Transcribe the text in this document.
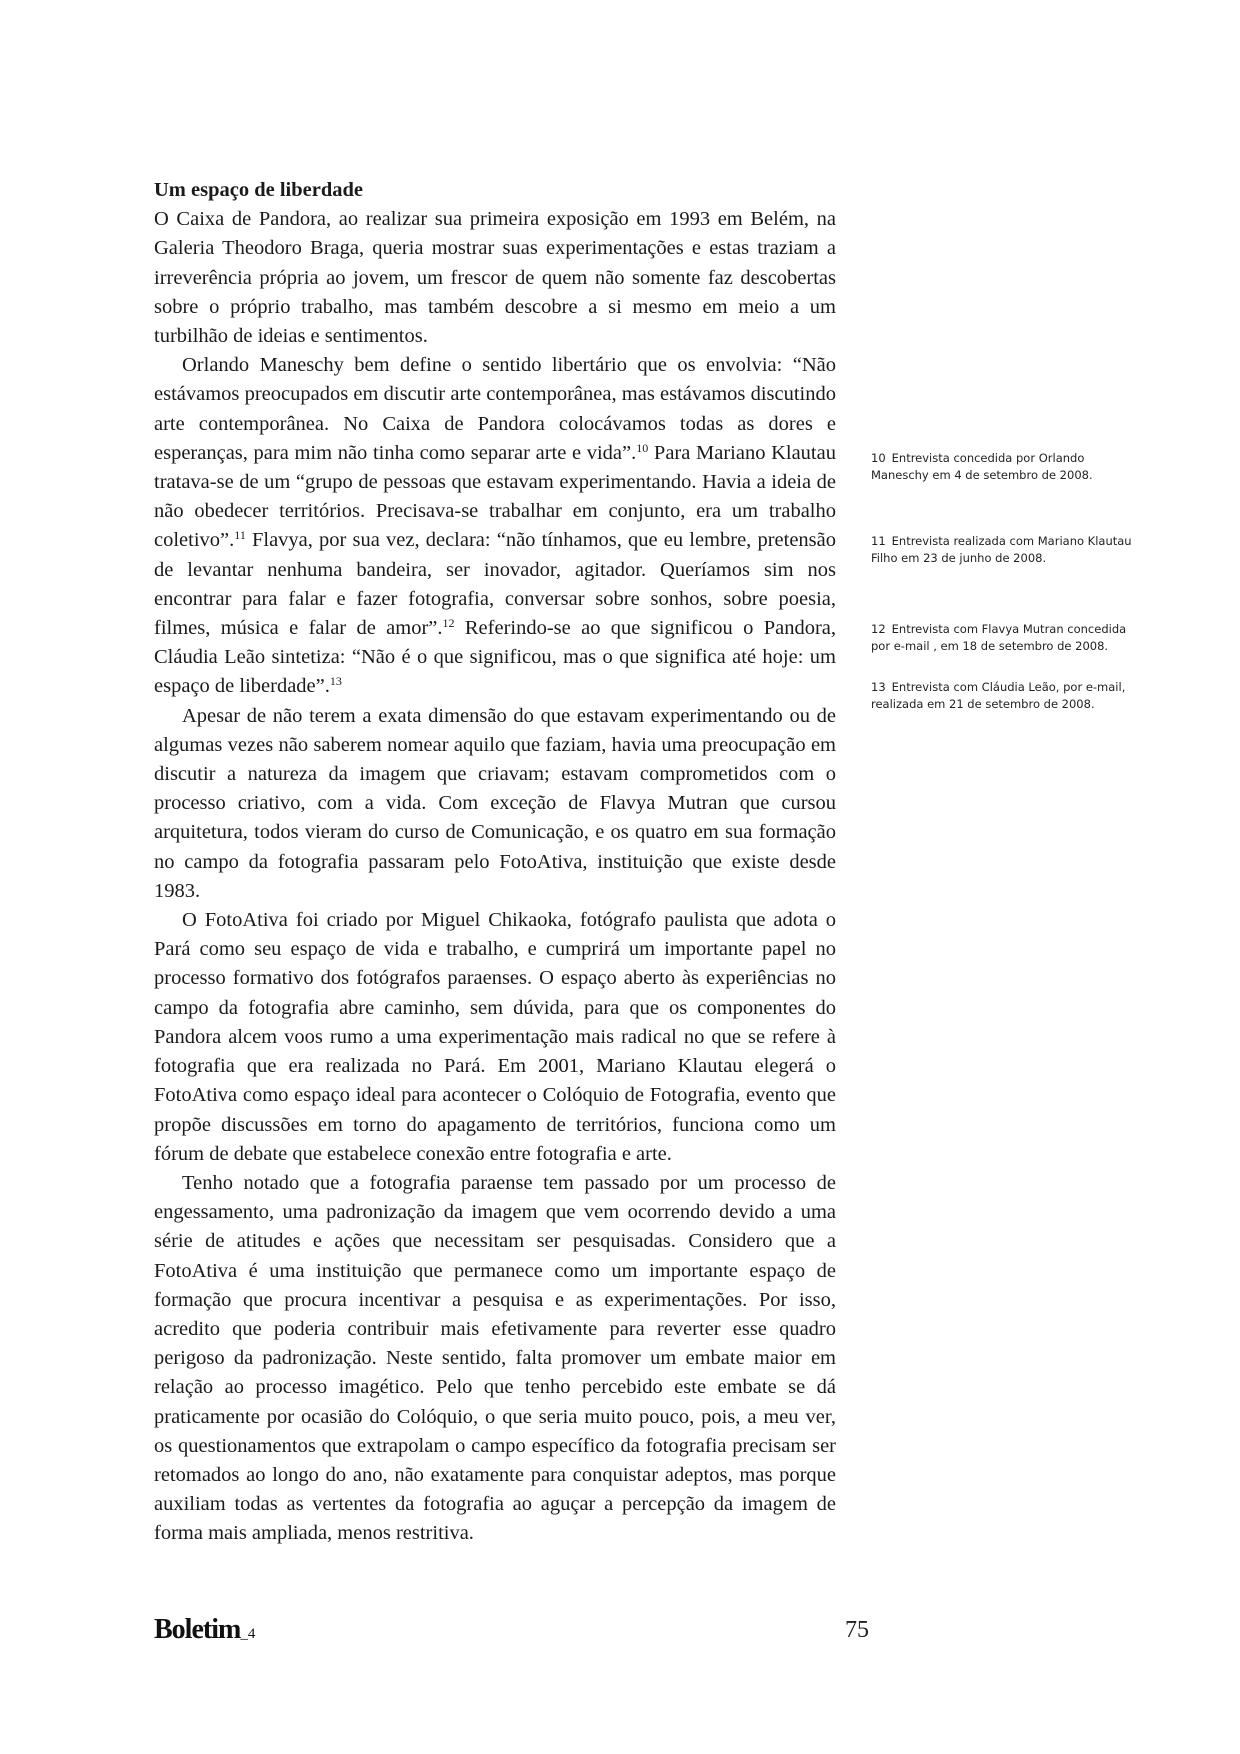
Um espaço de liberdade

O Caixa de Pandora, ao realizar sua primeira exposição em 1993 em Belém, na Galeria Theodoro Braga, queria mostrar suas experimentações e estas traziam a irreverência própria ao jovem, um frescor de quem não somente faz descobertas sobre o próprio trabalho, mas também descobre a si mesmo em meio a um turbilhão de ideias e sentimentos.

Orlando Maneschy bem define o sentido libertário que os envolvia: “Não estávamos preocupados em discutir arte contemporânea, mas estávamos discutindo arte contemporânea. No Caixa de Pandora colocávamos todas as dores e esperanças, para mim não tinha como separar arte e vida”.$^{10}$ Para Mariano Klautau tratava-se de um “grupo de pessoas que estavam experimentando. Havia a ideia de não obedecer territórios. Precisava-se trabalhar em conjunto, era um trabalho coletivo”.$^{11}$ Flavya, por sua vez, declara: “não tínhamos, que eu lembre, pretensão de levantar nenhuma bandeira, ser inovador, agitador. Queríamos sim nos encontrar para falar e fazer fotografia, conversar sobre sonhos, sobre poesia, filmes, música e falar de amor”.$^{12}$ Referindo-se ao que significou o Pandora, Cláudia Leão sintetiza: “Não é o que significou, mas o que significa até hoje: um espaço de liberdade”.$^{13}$

Apesar de não terem a exata dimensão do que estavam experimentando ou de algumas vezes não saberem nomear aquilo que faziam, havia uma preocupação em discutir a natureza da imagem que criavam; estavam comprometidos com o processo criativo, com a vida. Com exceção de Flavya Mutran que cursou arquitetura, todos vieram do curso de Comunicação, e os quatro em sua formação no campo da fotografia passaram pelo FotoAtiva, instituição que existe desde 1983.

O FotoAtiva foi criado por Miguel Chikaoka, fotógrafo paulista que adota o Pará como seu espaço de vida e trabalho, e cumprirá um importante papel no processo formativo dos fotógrafos paraenses. O espaço aberto às experiências no campo da fotografia abre caminho, sem dúvida, para que os componentes do Pandora alcem voos rumo a uma experimentação mais radical no que se refere à fotografia que era realizada no Pará. Em 2001, Mariano Klautau elegerá o FotoAtiva como espaço ideal para acontecer o Colóquio de Fotografia, evento que propõe discussões em torno do apagamento de territórios, funciona como um fórum de debate que estabelece conexão entre fotografia e arte.

Tenho notado que a fotografia paraense tem passado por um processo de engessamento, uma padronização da imagem que vem ocorrendo devido a uma série de atitudes e ações que necessitam ser pesquisadas. Considero que a FotoAtiva é uma instituição que permanece como um importante espaço de formação que procura incentivar a pesquisa e as experimentações. Por isso, acredito que poderia contribuir mais efetivamente para reverter esse quadro perigoso da padronização. Neste sentido, falta promover um embate maior em relação ao processo imagético. Pelo que tenho percebido este embate se dá praticamente por ocasião do Colóquio, o que seria muito pouco, pois, a meu ver, os questionamentos que extrapolam o campo específico da fotografia precisam ser retomados ao longo do ano, não exatamente para conquistar adeptos, mas porque auxiliam todas as vertentes da fotografia ao aguçar a percepção da imagem de forma mais ampliada, menos restritiva.

10 Entrevista concedida por Orlando Maneschy em 4 de setembro de 2008.
11 Entrevista realizada com Mariano Klautau Filho em 23 de junho de 2008.
12 Entrevista com Flavya Mutran concedida por e-mail , em 18 de setembro de 2008.
13 Entrevista com Cláudia Leão, por e-mail, realizada em 21 de setembro de 2008.
Boletim_4	75
